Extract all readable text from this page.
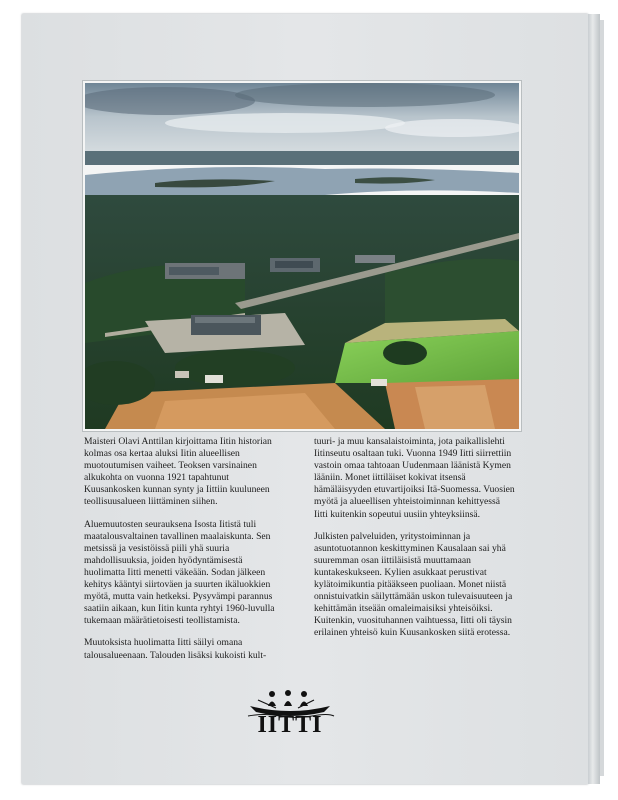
Maisteri Olavi Anttilan kirjoittama Iitin historian kolmas osa kertaa aluksi Iitin alueellisen muotoutumisen vaiheet. Teoksen varsinainen alkukohta on vuonna 1921 tapahtunut Kuusankosken kunnan synty ja Iittiin kuuluneen teollisuusalueen liittäminen siihen.

Aluemuutosten seurauksena Isosta Iitistä tuli maatalousvaltainen tavallinen maalaiskunta. Sen metsissä ja vesistöissä piili yhä suuria mahdollisuuksia, joiden hyödyntämisestä huolimatta Iitti menetti väkeään. Sodan jälkeen kehitys kääntyi siirtoväen ja suurten ikäluokkien myötä, mutta vain hetkeksi. Pysyvämpi parannus saatiin aikaan, kun Iitin kunta ryhtyi 1960-luvulla tukemaan määrätietoisesti teollistamista.

Muutoksista huolimatta Iitti säilyi omana talousalueenaan. Talouden lisäksi kukoisti kult-

tuuri- ja muu kansalaistoiminta, jota paikallislehti Iitinseutu osaltaan tuki. Vuonna 1949 Iitti siirrettiin vastoin omaa tahtoaan Uudenmaan läänistä Kymen lääniin. Monet iittiläiset kokivat itsensä hämäläisyyden etuvartijoiksi Itä-Suomessa. Vuosien myötä ja alueellisen yhteistoiminnan kehittyessä Iitti kuitenkin sopeutui uusiin yhteyksiinsä.

Julkisten palveluiden, yritystoiminnan ja asuntotuotannon keskittyminen Kausalaan sai yhä suuremman osan iittiläisistä muuttamaan kuntakeskukseen. Kylien asukkaat perustivat kylätoimikuntia pitääkseen puoliaan. Monet niistä onnistuivatkin säilyttämään uskon tulevaisuuteen ja kehittämän itseään omaleimaisiksi yhteisöiksi. Kuitenkin, vuosituhannen vaihtuessa, Iitti oli täysin erilainen yhteisö kuin Kuusankosken siitä erotessa.

IITTI
